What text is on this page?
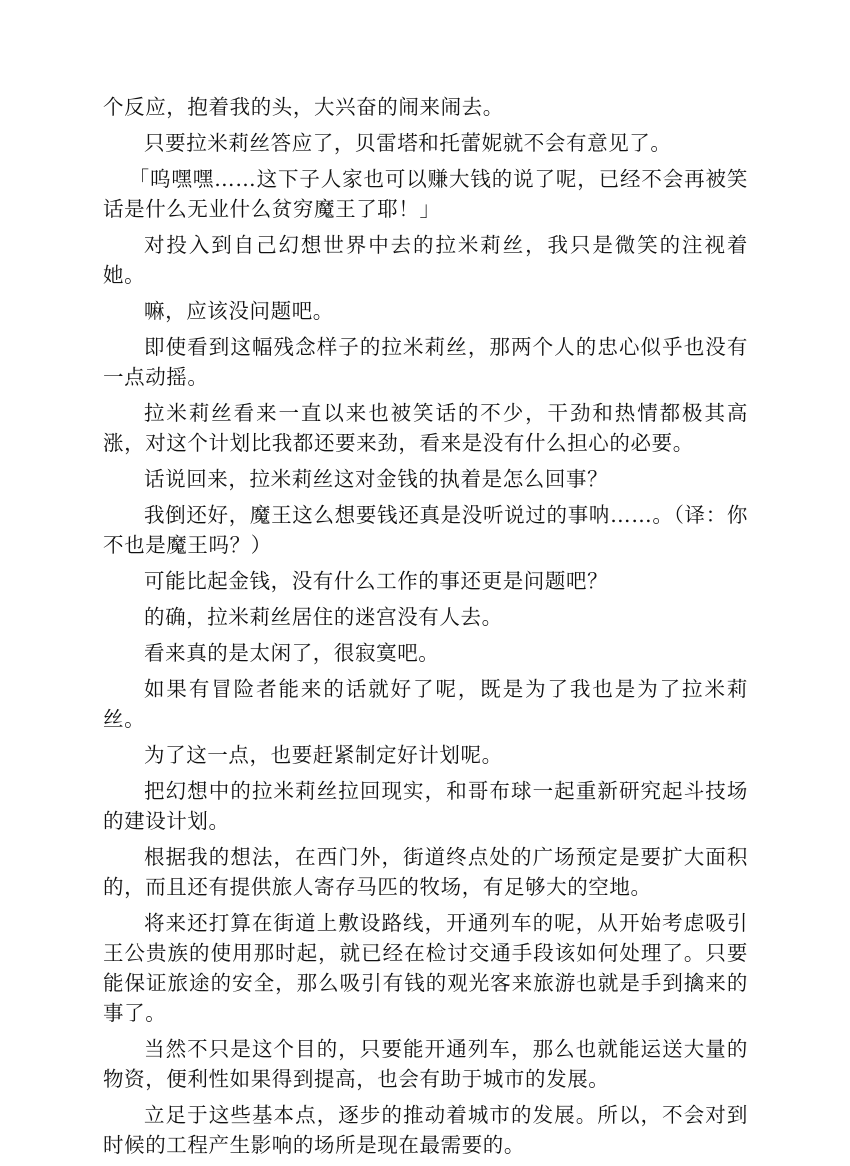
个反应，抱着我的头，大兴奋的闹来闹去。

只要拉米莉丝答应了，贝雷塔和托蕾妮就不会有意见了。

「呜嘿嘿……这下子人家也可以赚大钱的说了呢，已经不会再被笑话是什么无业什么贫穷魔王了耶！」

对投入到自己幻想世界中去的拉米莉丝，我只是微笑的注视着她。

嘛，应该没问题吧。

即使看到这幅残念样子的拉米莉丝，那两个人的忠心似乎也没有一点动摇。

拉米莉丝看来一直以来也被笑话的不少，干劲和热情都极其高涨，对这个计划比我都还要来劲，看来是没有什么担心的必要。

话说回来，拉米莉丝这对金钱的执着是怎么回事？

我倒还好，魔王这么想要钱还真是没听说过的事呐……。（译：你不也是魔王吗？）

可能比起金钱，没有什么工作的事还更是问题吧？

的确，拉米莉丝居住的迷宫没有人去。

看来真的是太闲了，很寂寞吧。

如果有冒险者能来的话就好了呢，既是为了我也是为了拉米莉丝。

为了这一点，也要赶紧制定好计划呢。

把幻想中的拉米莉丝拉回现实，和哥布球一起重新研究起斗技场的建设计划。

根据我的想法，在西门外，街道终点处的广场预定是要扩大面积的，而且还有提供旅人寄存马匹的牧场，有足够大的空地。

将来还打算在街道上敷设路线，开通列车的呢，从开始考虑吸引王公贵族的使用那时起，就已经在检讨交通手段该如何处理了。只要能保证旅途的安全，那么吸引有钱的观光客来旅游也就是手到擒来的事了。

当然不只是这个目的，只要能开通列车，那么也就能运送大量的物资，便利性如果得到提高，也会有助于城市的发展。

立足于这些基本点，逐步的推动着城市的发展。所以，不会对到时候的工程产生影响的场所是现在最需要的。
